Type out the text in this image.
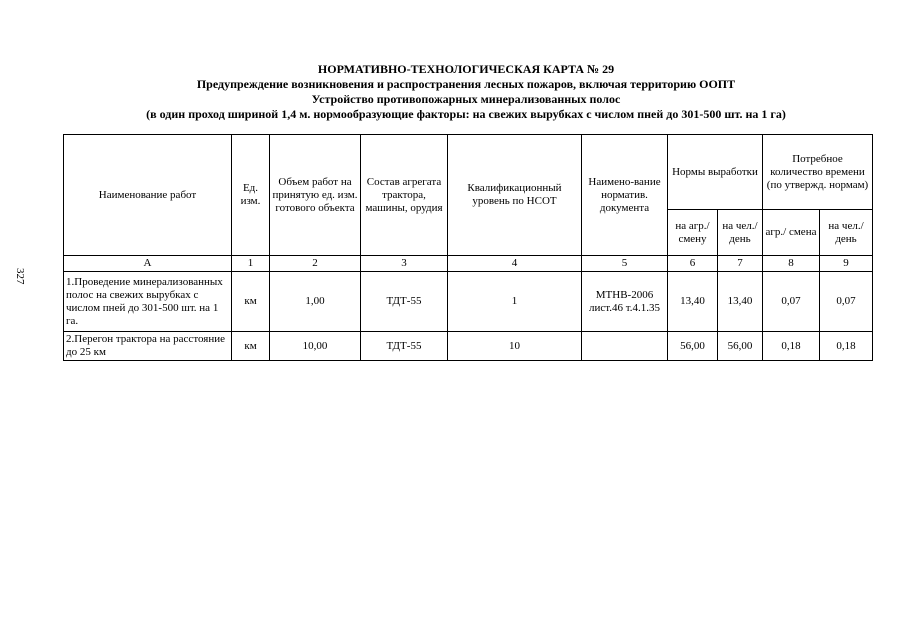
327
НОРМАТИВНО-ТЕХНОЛОГИЧЕСКАЯ КАРТА № 29
Предупреждение возникновения и распространения лесных пожаров, включая территорию ООПТ
Устройство противопожарных минерализованных полос
(в один проход шириной 1,4 м. нормообразующие факторы: на свежих вырубках с числом пней до 301-500 шт. на 1 га)
Наименование работ	Ед. изм.	Объем работ на принятую ед. изм. готового объекта	Состав агрегата трактора, машины, орудия	Квалификационный уровень по НСОТ	Наимено-вание норматив. документа	Нормы выработки		Потребное количество времени (по утвержд. нормам)	
						на агр./ смену	на чел./ день	агр./ смена	на чел./ день
А	1	2	3	4	5	6	7	8	9
1.Проведение минерализованных полос на свежих вырубках с числом пней до 301-500 шт. на 1 га.	км	1,00	ТДТ-55	1	МТНВ-2006 лист.46 т.4.1.35	13,40	13,40	0,07	0,07
2.Перегон трактора на расстояние до 25 км	км	10,00	ТДТ-55	10		56,00	56,00	0,18	0,18
